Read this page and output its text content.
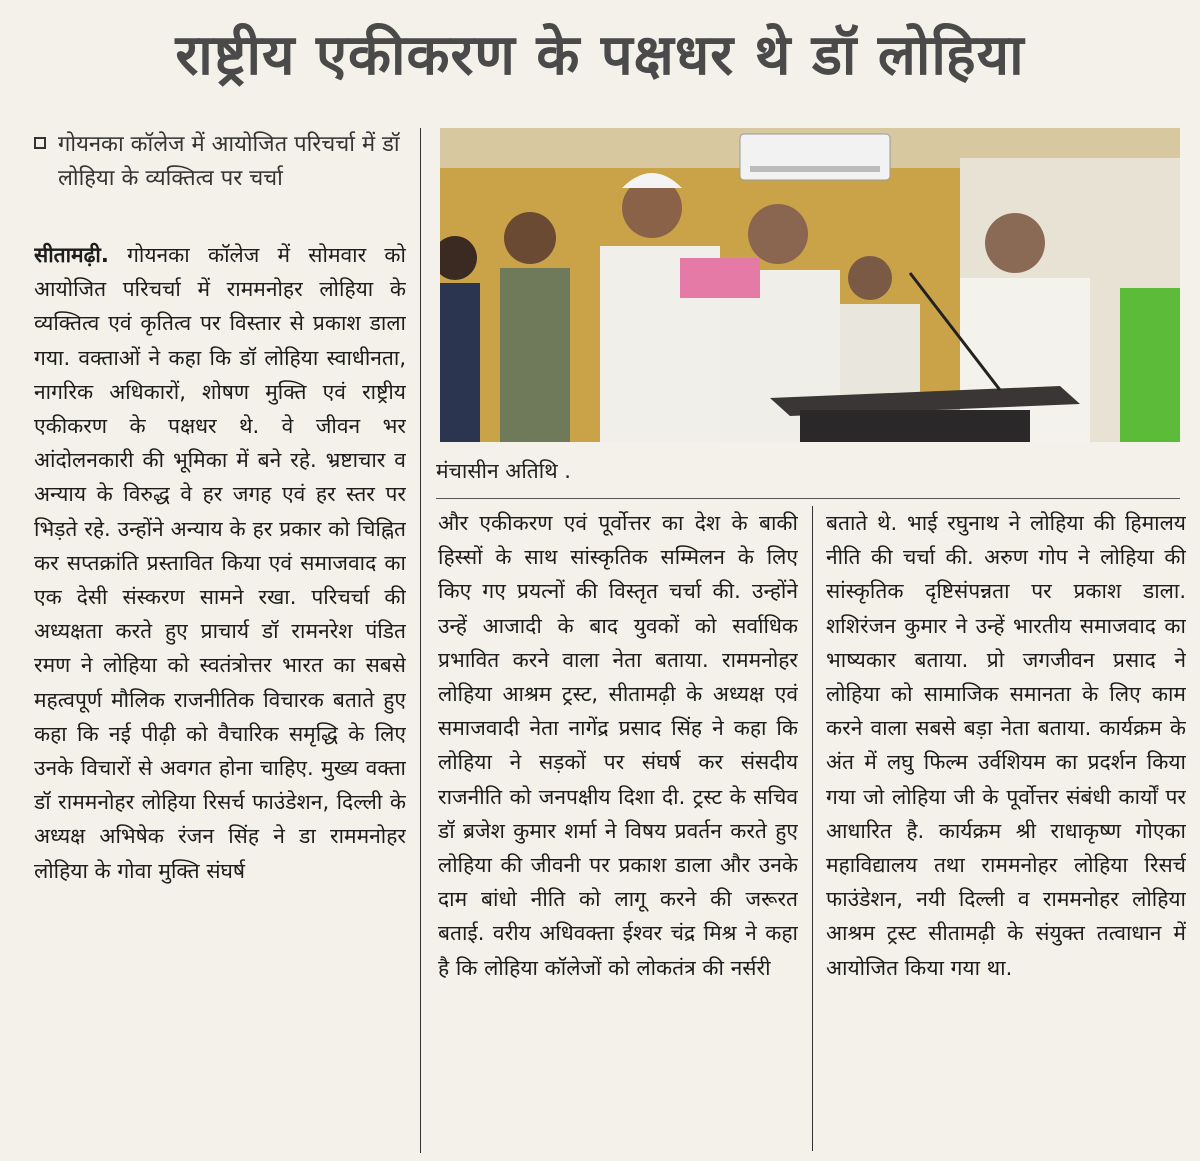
राष्ट्रीय एकीकरण के पक्षधर थे डॉ लोहिया
गोयनका कॉलेज में आयोजित परिचर्चा में डॉ लोहिया के व्यक्तित्व पर चर्चा
मंचासीन अतिथि .

सीतामढ़ी. गोयनका कॉलेज में सोमवार को आयोजित परिचर्चा में राममनोहर लोहिया के व्यक्तित्व एवं कृतित्व पर विस्तार से प्रकाश डाला गया. वक्ताओं ने कहा कि डॉ लोहिया स्वाधीनता, नागरिक अधिकारों, शोषण मुक्ति एवं राष्ट्रीय एकीकरण के पक्षधर थे. वे जीवन भर आंदोलनकारी की भूमिका में बने रहे. भ्रष्टाचार व अन्याय के विरुद्ध वे हर जगह एवं हर स्तर पर भिड़ते रहे. उन्होंने अन्याय के हर प्रकार को चिह्नित कर सप्तक्रांति प्रस्तावित किया एवं समाजवाद का एक देसी संस्करण सामने रखा. परिचर्चा की अध्यक्षता करते हुए प्राचार्य डॉ रामनरेश पंडित रमण ने लोहिया को स्वतंत्रोत्तर भारत का सबसे महत्वपूर्ण मौलिक राजनीतिक विचारक बताते हुए कहा कि नई पीढ़ी को वैचारिक समृद्धि के लिए उनके विचारों से अवगत होना चाहिए. मुख्य वक्ता डॉ राममनोहर लोहिया रिसर्च फाउंडेशन, दिल्ली के अध्यक्ष अभिषेक रंजन सिंह ने डा राममनोहर लोहिया के गोवा मुक्ति संघर्ष

और एकीकरण एवं पूर्वोत्तर का देश के बाकी हिस्सों के साथ सांस्कृतिक सम्मिलन के लिए किए गए प्रयत्नों की विस्तृत चर्चा की. उन्होंने उन्हें आजादी के बाद युवकों को सर्वाधिक प्रभावित करने वाला नेता बताया. राममनोहर लोहिया आश्रम ट्रस्ट, सीतामढ़ी के अध्यक्ष एवं समाजवादी नेता नागेंद्र प्रसाद सिंह ने कहा कि लोहिया ने सड़कों पर संघर्ष कर संसदीय राजनीति को जनपक्षीय दिशा दी. ट्रस्ट के सचिव डॉ ब्रजेश कुमार शर्मा ने विषय प्रवर्तन करते हुए लोहिया की जीवनी पर प्रकाश डाला और उनके दाम बांधो नीति को लागू करने की जरूरत बताई. वरीय अधिवक्ता ईश्वर चंद्र मिश्र ने कहा है कि लोहिया कॉलेजों को लोकतंत्र की नर्सरी

बताते थे. भाई रघुनाथ ने लोहिया की हिमालय नीति की चर्चा की. अरुण गोप ने लोहिया की सांस्कृतिक दृष्टिसंपन्नता पर प्रकाश डाला. शशिरंजन कुमार ने उन्हें भारतीय समाजवाद का भाष्यकार बताया. प्रो जगजीवन प्रसाद ने लोहिया को सामाजिक समानता के लिए काम करने वाला सबसे बड़ा नेता बताया. कार्यक्रम के अंत में लघु फिल्म उर्वशियम का प्रदर्शन किया गया जो लोहिया जी के पूर्वोत्तर संबंधी कार्यों पर आधारित है. कार्यक्रम श्री राधाकृष्ण गोएका महाविद्यालय तथा राममनोहर लोहिया रिसर्च फाउंडेशन, नयी दिल्ली व राममनोहर लोहिया आश्रम ट्रस्ट सीतामढ़ी के संयुक्त तत्वाधान में आयोजित किया गया था.
